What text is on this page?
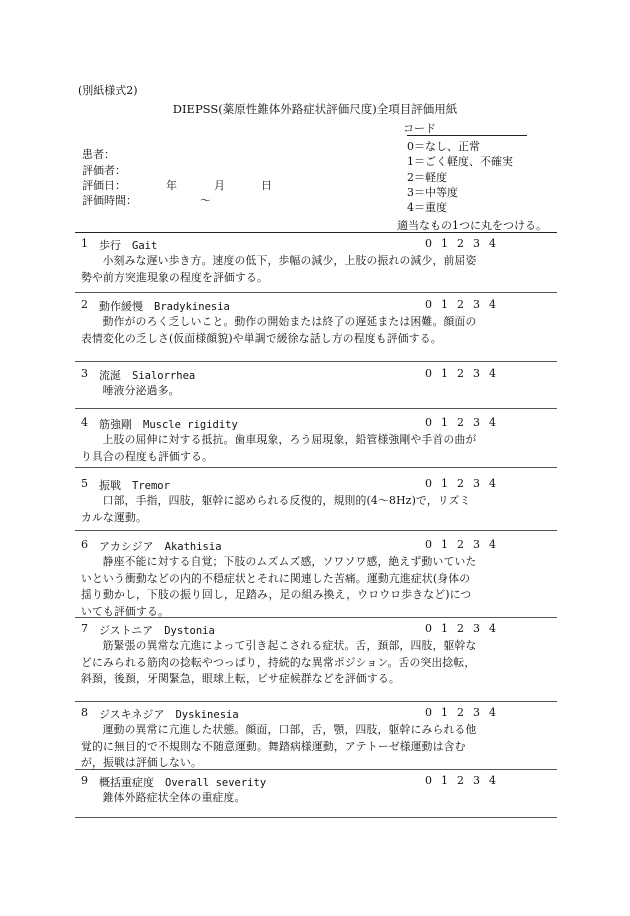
(別紙様式2)
DIEPSS(薬原性錐体外路症状評価尺度)全項目評価用紙
患者：
評価者：
評価日：	年	月	日
評価時間：	〜
コード
0＝なし、正常
1＝ごく軽度、不確実
2＝軽度
3＝中等度
4＝重度
適当なもの1つに丸をつける。
1 歩行　 Gait	0 1 2 3 4
小刻みな遅い歩き方。速度の低下，歩幅の減少，上肢の振れの減少，前屈姿勢や前方突進現象の程度を評価する。
2 動作緩慢　 Bradykinesia	0 1 2 3 4
動作がのろく乏しいこと。動作の開始または終了の遅延または困難。顔面の表情変化の乏しさ(仮面様顔貌)や単調で緩徐な話し方の程度も評価する。
3 流涎　 Sialorrhea	0 1 2 3 4
唾液分泌過多。
4 筋強剛　 Muscle rigidity	0 1 2 3 4
上肢の屈伸に対する抵抗。歯車現象，ろう屈現象，鉛管様強剛や手首の曲がり具合の程度も評価する。
5 振戦　 Tremor	0 1 2 3 4
口部，手指，四肢，躯幹に認められる反復的，規則的(4〜8Hz)で，リズミカルな運動。
6 アカシジア　 Akathisia	0 1 2 3 4
静座不能に対する自覚；下肢のムズムズ感，ソワソワ感，絶えず動いていたいという衝動などの内的不穏症状とそれに関連した苦痛。運動亢進症状(身体の揺り動かし，下肢の振り回し，足踏み，足の組み換え，ウロウロ歩きなど)についても評価する。
7 ジストニア　 Dystonia	0 1 2 3 4
筋緊張の異常な亢進によって引き起こされる症状。舌，頚部，四肢，躯幹などにみられる筋肉の捻転やつっぱり，持続的な異常ポジション。舌の突出捻転，斜頚，後頚，牙関緊急，眼球上転，ピサ症候群などを評価する。
8 ジスキネジア　 Dyskinesia	0 1 2 3 4
運動の異常に亢進した状態。顔面，口部，舌，顎，四肢，躯幹にみられる他覚的に無目的で不規則な不随意運動。舞踏病様運動，アテトーゼ様運動は含むが，振戦は評価しない。
9 概括重症度　 Overall severity	0 1 2 3 4
錐体外路症状全体の重症度。
